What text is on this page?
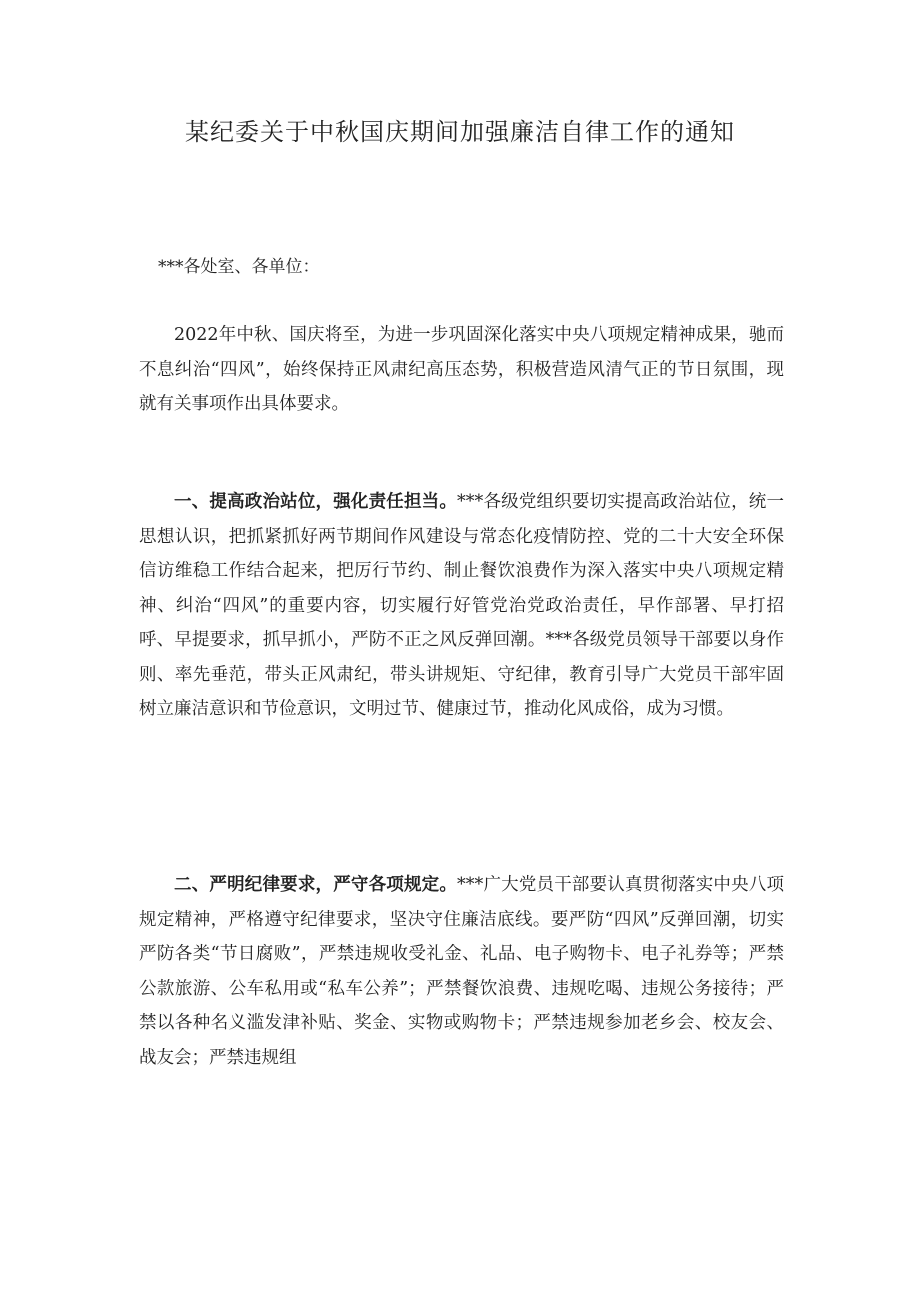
某纪委关于中秋国庆期间加强廉洁自律工作的通知

***各处室、各单位：

2022年中秋、国庆将至，为进一步巩固深化落实中央八项规定精神成果，驰而不息纠治“四风”，始终保持正风肃纪高压态势，积极营造风清气正的节日氛围，现就有关事项作出具体要求。

一、提高政治站位，强化责任担当。***各级党组织要切实提高政治站位，统一思想认识，把抓紧抓好两节期间作风建设与常态化疫情防控、党的二十大安全环保信访维稳工作结合起来，把厉行节约、制止餐饮浪费作为深入落实中央八项规定精神、纠治“四风”的重要内容，切实履行好管党治党政治责任，早作部署、早打招呼、早提要求，抓早抓小，严防不正之风反弹回潮。***各级党员领导干部要以身作则、率先垂范，带头正风肃纪，带头讲规矩、守纪律，教育引导广大党员干部牢固树立廉洁意识和节俭意识，文明过节、健康过节，推动化风成俗，成为习惯。

二、严明纪律要求，严守各项规定。***广大党员干部要认真贯彻落实中央八项规定精神，严格遵守纪律要求，坚决守住廉洁底线。要严防“四风”反弹回潮，切实严防各类“节日腐败”，严禁违规收受礼金、礼品、电子购物卡、电子礼券等；严禁公款旅游、公车私用或“私车公养”；严禁餐饮浪费、违规吃喝、违规公务接待；严禁以各种名义滥发津补贴、奖金、实物或购物卡；严禁违规参加老乡会、校友会、战友会；严禁违规组
